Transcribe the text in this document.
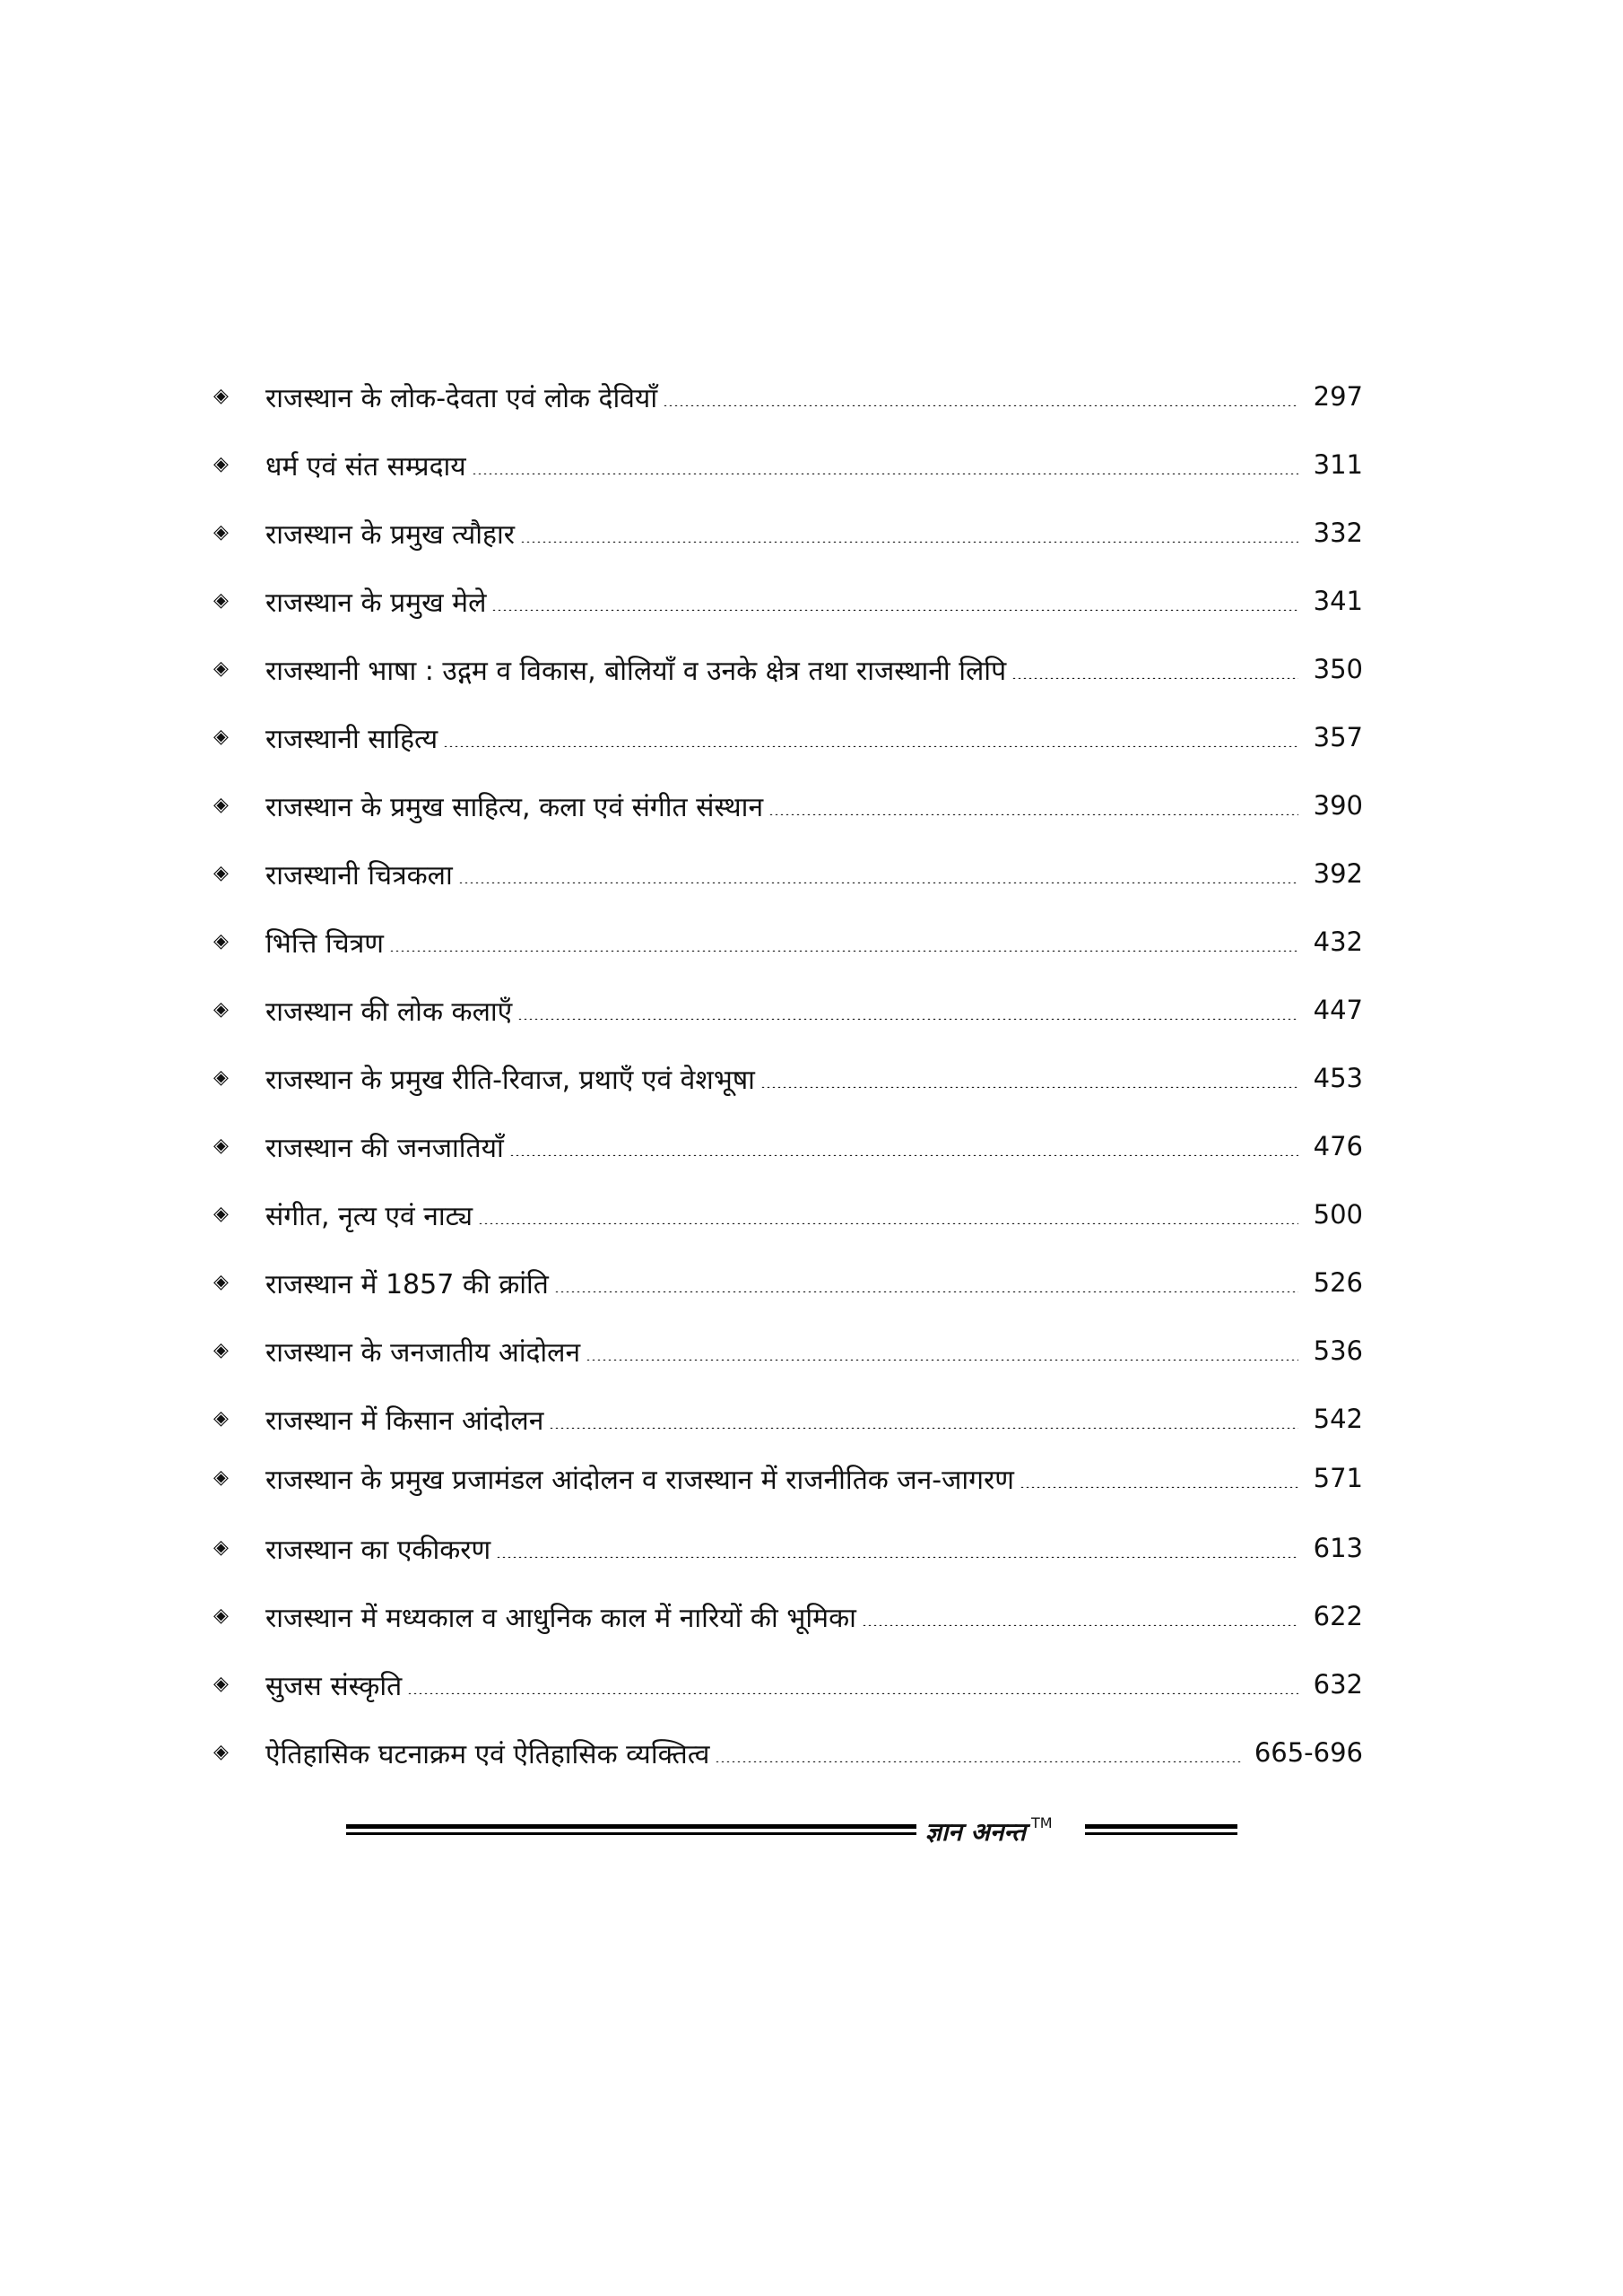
◈	राजस्थान के लोक-देवता एवं लोक देवियाँ	297
◈	धर्म एवं संत सम्प्रदाय	311
◈	राजस्थान के प्रमुख त्यौहार	332
◈	राजस्थान के प्रमुख मेले	341
◈	राजस्थानी भाषा : उद्गम व विकास, बोलियाँ व उनके क्षेत्र तथा राजस्थानी लिपि	350
◈	राजस्थानी साहित्य	357
◈	राजस्थान के प्रमुख साहित्य, कला एवं संगीत संस्थान	390
◈	राजस्थानी चित्रकला	392
◈	भित्ति चित्रण	432
◈	राजस्थान की लोक कलाएँ	447
◈	राजस्थान के प्रमुख रीति-रिवाज, प्रथाएँ एवं वेशभूषा	453
◈	राजस्थान की जनजातियाँ	476
◈	संगीत, नृत्य एवं नाट्य	500
◈	राजस्थान में 1857 की क्रांति	526
◈	राजस्थान के जनजातीय आंदोलन	536
◈	राजस्थान में किसान आंदोलन	542
◈	राजस्थान के प्रमुख प्रजामंडल आंदोलन व राजस्थान में राजनीतिक जन-जागरण	571
◈	राजस्थान का एकीकरण	613
◈	राजस्थान में मध्यकाल व आधुनिक काल में नारियों की भूमिका	622
◈	सुजस संस्कृति	632
◈	ऐतिहासिक घटनाक्रम एवं ऐतिहासिक व्यक्तित्व	665-696
ज्ञान अनन्त TM
